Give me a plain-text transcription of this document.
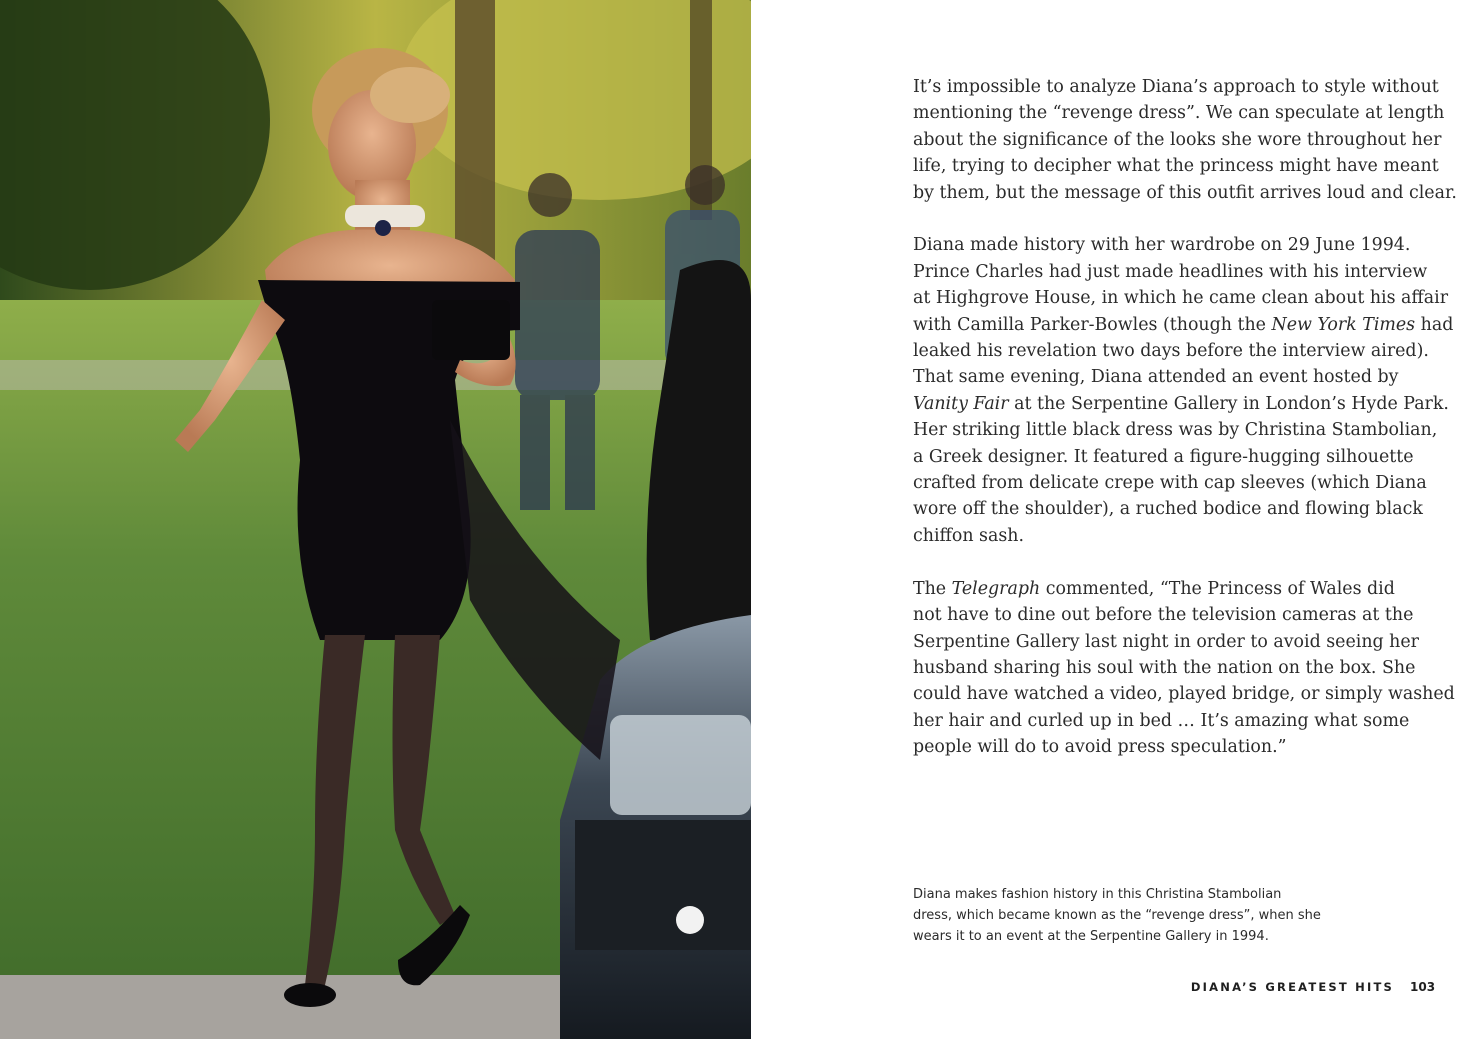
It’s impossible to analyze Diana’s approach to style without
mentioning the “revenge dress”. We can speculate at length
about the significance of the looks she wore throughout her
life, trying to decipher what the princess might have meant
by them, but the message of this outfit arrives loud and clear.

Diana made history with her wardrobe on 29 June 1994.
Prince Charles had just made headlines with his interview
at Highgrove House, in which he came clean about his affair
with Camilla Parker-Bowles (though the New York Times had
leaked his revelation two days before the interview aired).
That same evening, Diana attended an event hosted by
Vanity Fair at the Serpentine Gallery in London’s Hyde Park.
Her striking little black dress was by Christina Stambolian,
a Greek designer. It featured a figure-hugging silhouette
crafted from delicate crepe with cap sleeves (which Diana
wore off the shoulder), a ruched bodice and flowing black
chiffon sash.

The Telegraph commented, “The Princess of Wales did
not have to dine out before the television cameras at the
Serpentine Gallery last night in order to avoid seeing her
husband sharing his soul with the nation on the box. She
could have watched a video, played bridge, or simply washed
her hair and curled up in bed … It’s amazing what some
people will do to avoid press speculation.”

Diana makes fashion history in this Christina Stambolian
dress, which became known as the “revenge dress”, when she
wears it to an event at the Serpentine Gallery in 1994.
DIANA’S GREATEST HITS 103
